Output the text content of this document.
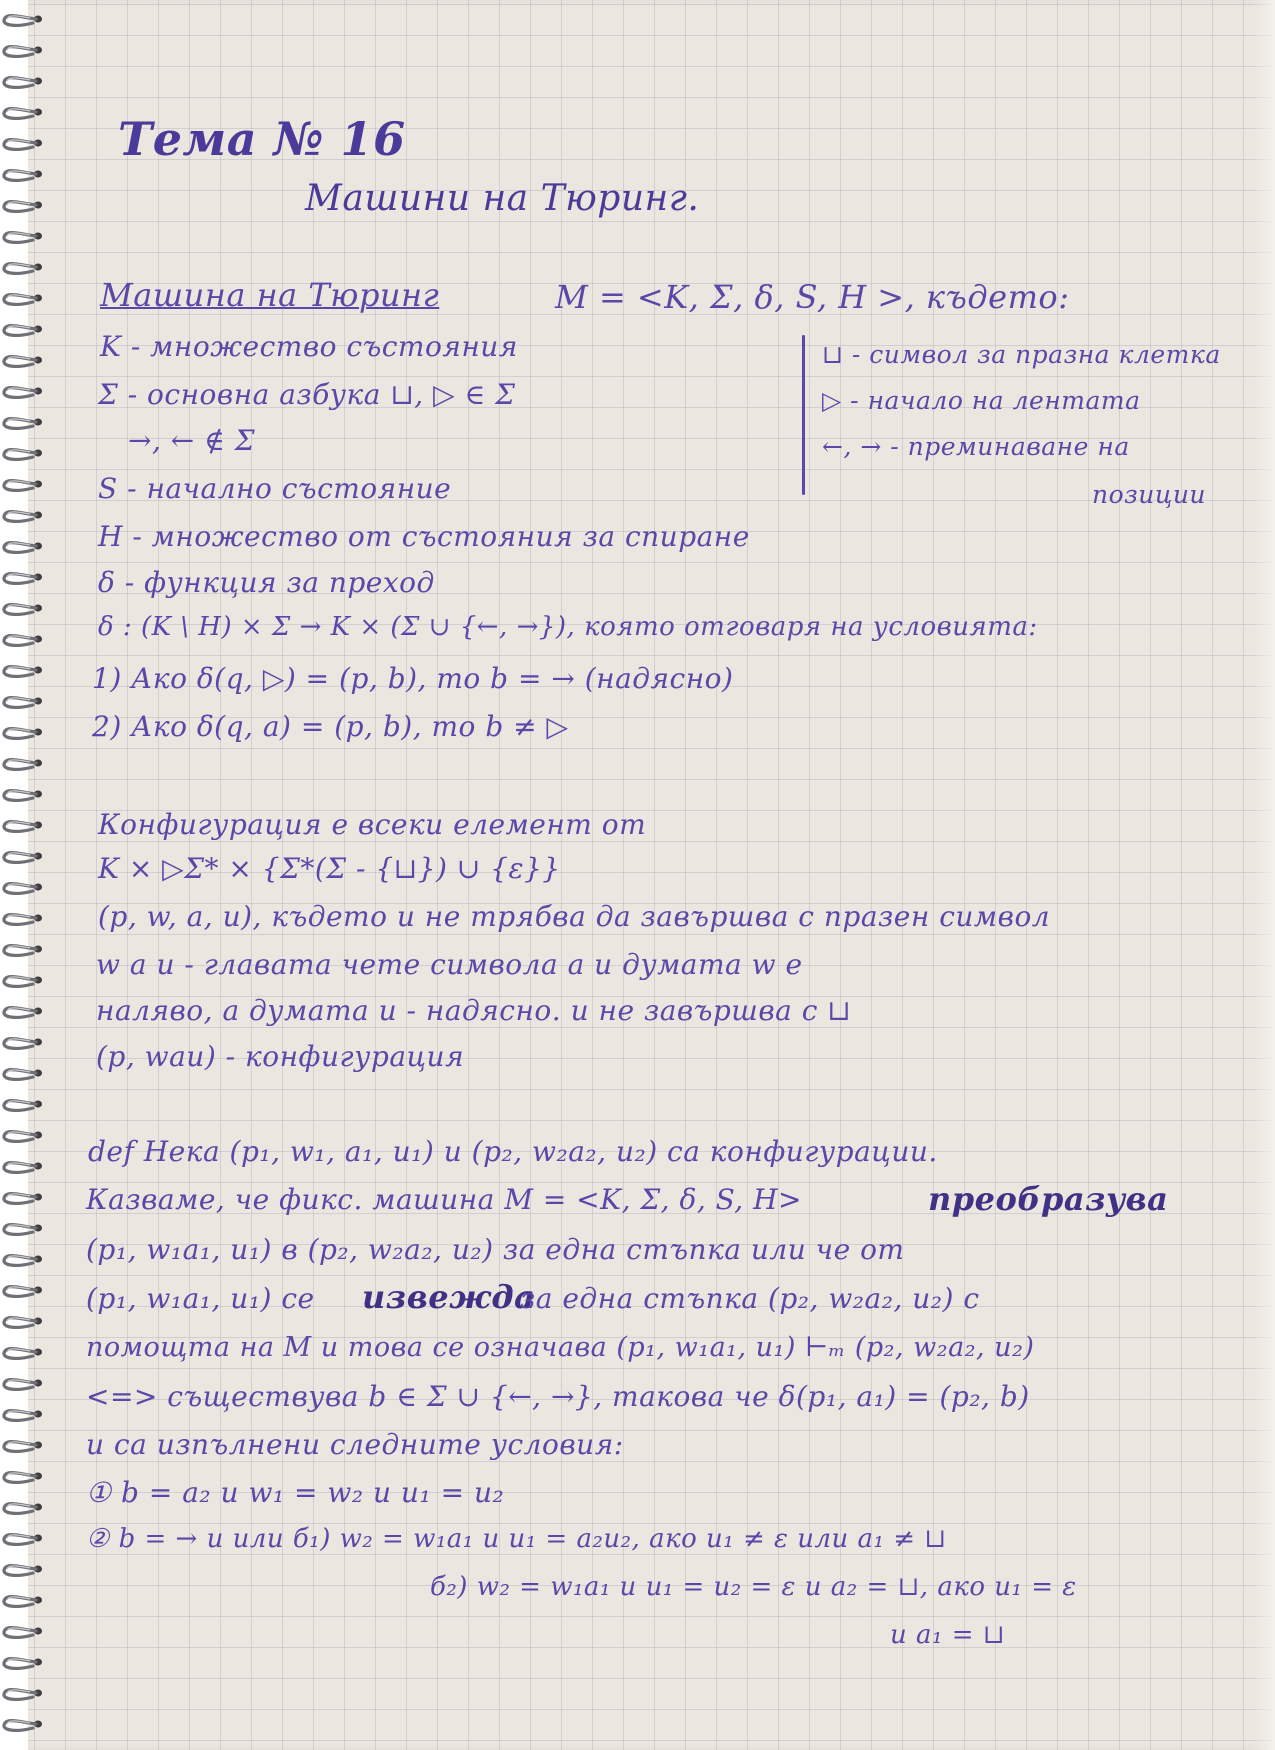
Тема № 16
Машини на Тюринг.
Машина на Тюринг	M = <K, Σ, δ, S, H >, където:
K - множество състояния
Σ - основна азбука ⊔, ▷ ∈ Σ
→, ← ∉ Σ
S - начално състояние
H - множество от състояния за спиране
δ - функция за преход
δ : (K \ H) × Σ → K × (Σ ∪ {←, →}), която отговаря на условията:
1) Ако δ(q, ▷) = (p, b), то b = → (надясно)
2) Ако δ(q, a) = (p, b), то b ≠ ▷
⊔ - символ за празна клетка
▷ - начало на лентата
←, → - преминаване на
позиции
Конфигурация е всеки елемент от
K × ▷Σ* × {Σ*(Σ - {⊔}) ∪ {ε}}
(p, w, a, u), където u не трябва да завършва с празен символ
w a u - главата чете символа a и думата w е
наляво, а думата u - надясно. u не завършва с ⊔
(p, wau) - конфигурация
def Нека (p₁, w₁, a₁, u₁) и (p₂, w₂a₂, u₂) са конфигурации.
Казваме, че фикс. машина M = <K, Σ, δ, S, H>	преобразува
(p₁, w₁a₁, u₁) в (p₂, w₂a₂, u₂) за една стъпка или че от
(p₁, w₁a₁, u₁) се извежда
за една стъпка (p₂, w₂a₂, u₂) с
помощта на M и това се означава (p₁, w₁a₁, u₁) ⊢ₘ (p₂, w₂a₂, u₂)
<=> съществува b ∈ Σ ∪ {←, →}, такова че δ(p₁, a₁) = (p₂, b)
и са изпълнени следните условия:
① b = a₂ и w₁ = w₂ и u₁ = u₂
② b = → и или б₁) w₂ = w₁a₁ и u₁ = a₂u₂, ако u₁ ≠ ε или a₁ ≠ ⊔
б₂) w₂ = w₁a₁ и u₁ = u₂ = ε и a₂ = ⊔, ако u₁ = ε
и a₁ = ⊔
